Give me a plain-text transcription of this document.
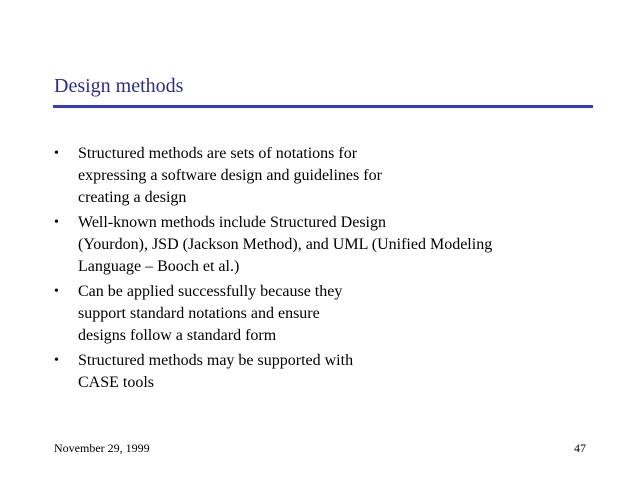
Design methods
•	Structured methods are sets of notations for
expressing a software design and guidelines for
creating a design
•	Well-known methods include Structured Design
(Yourdon), JSD (Jackson Method), and UML (Unified Modeling
Language – Booch et al.)
•	Can be applied successfully because they
support standard notations and ensure
designs follow a standard form
•	Structured methods may be supported with
CASE tools
November 29, 1999	47
